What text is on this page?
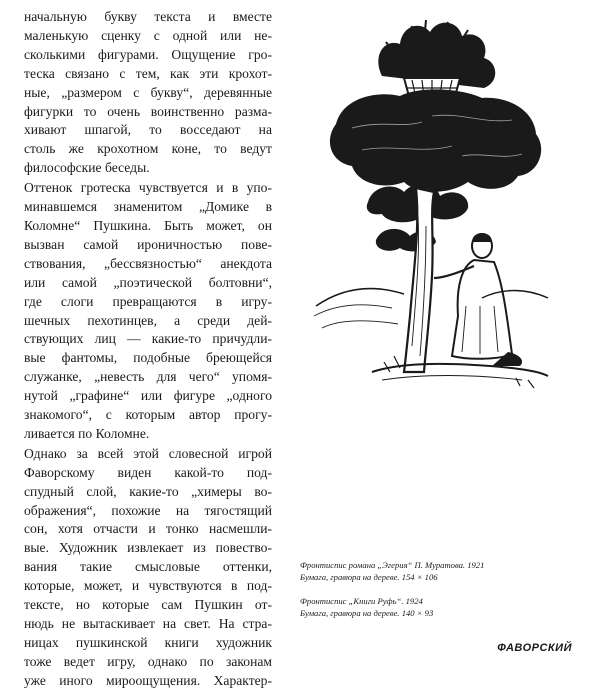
начальную букву текста и вместе
маленькую сценку с одной или не-
сколькими фигурами. Ощущение гро-
теска связано с тем, как эти крохот-
ные, „размером с букву“, деревянные
фигурки то очень воинственно разма-
хивают шпагой, то восседают на
столь же крохотном коне, то ведут
философские беседы.

Оттенок гротеска чувствуется и в упо-
минавшемся знаменитом „Домике в
Коломне“ Пушкина. Быть может, он
вызван самой ироничностью пове-
ствования, „бессвязностью“ анекдота
или самой „поэтической болтовни“,
где слоги превращаются в игру-
шечных пехотинцев, а среди дей-
ствующих лиц — какие-то причудли-
вые фантомы, подобные бреющейся
служанке, „невесть для чего“ упомя-
нутой „графине“ или фигуре „одного
знакомого“, с которым автор прогу-
ливается по Коломне.

Однако за всей этой словесной игрой
Фаворскому виден какой-то под-
спудный слой, какие-то „химеры во-
ображения“, похожие на тягостящий
сон, хотя отчасти и тонко насмешли-
вые. Художник извлекает из повество-
вания такие смысловые оттенки,
которые, может, и чувствуются в под-
тексте, но которые сам Пушкин от-
нюдь не вытаскивает на свет. На стра-
ницах пушкинской книги художник
тоже ведет игру, однако по законам
уже иного мироощущения. Характер-

Фронтиспис романа „Эгерия“ П. Муратова. 1921
Бумага, гравюра на дереве. 154 × 106
Фронтиспис „Книги Руфь“. 1924
Бумага, гравюра на дереве. 140 × 93
ФАВОРСКИЙ
